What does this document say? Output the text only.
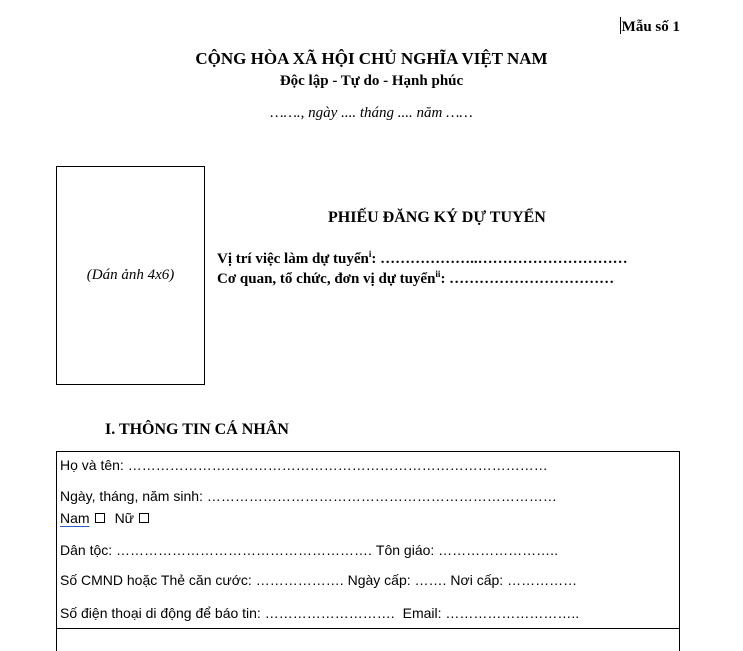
Mẫu số 1
CỘNG HÒA XÃ HỘI CHỦ NGHĨA VIỆT NAM
Độc lập - Tự do - Hạnh phúc
……., ngày .... tháng .... năm ……
(Dán ảnh 4x6)
PHIẾU ĐĂNG KÝ DỰ TUYỂN
Vị trí việc làm dự tuyển$^i$: ………………..…………………………
Cơ quan, tổ chức, đơn vị dự tuyển$^{ii}$: ……………………………
I. THÔNG TIN CÁ NHÂN
Họ và tên: ………………………………………………………………………………
Ngày, tháng, năm sinh: …………………………………………………………………
Nam Nữ
Dân tộc: ………………………………………………. Tôn giáo: ……………………..
Số CMND hoặc Thẻ căn cước: ………………. Ngày cấp: ……. Nơi cấp: ……………
Số điện thoại di động để báo tin: ………………………. Email: ………………………..
